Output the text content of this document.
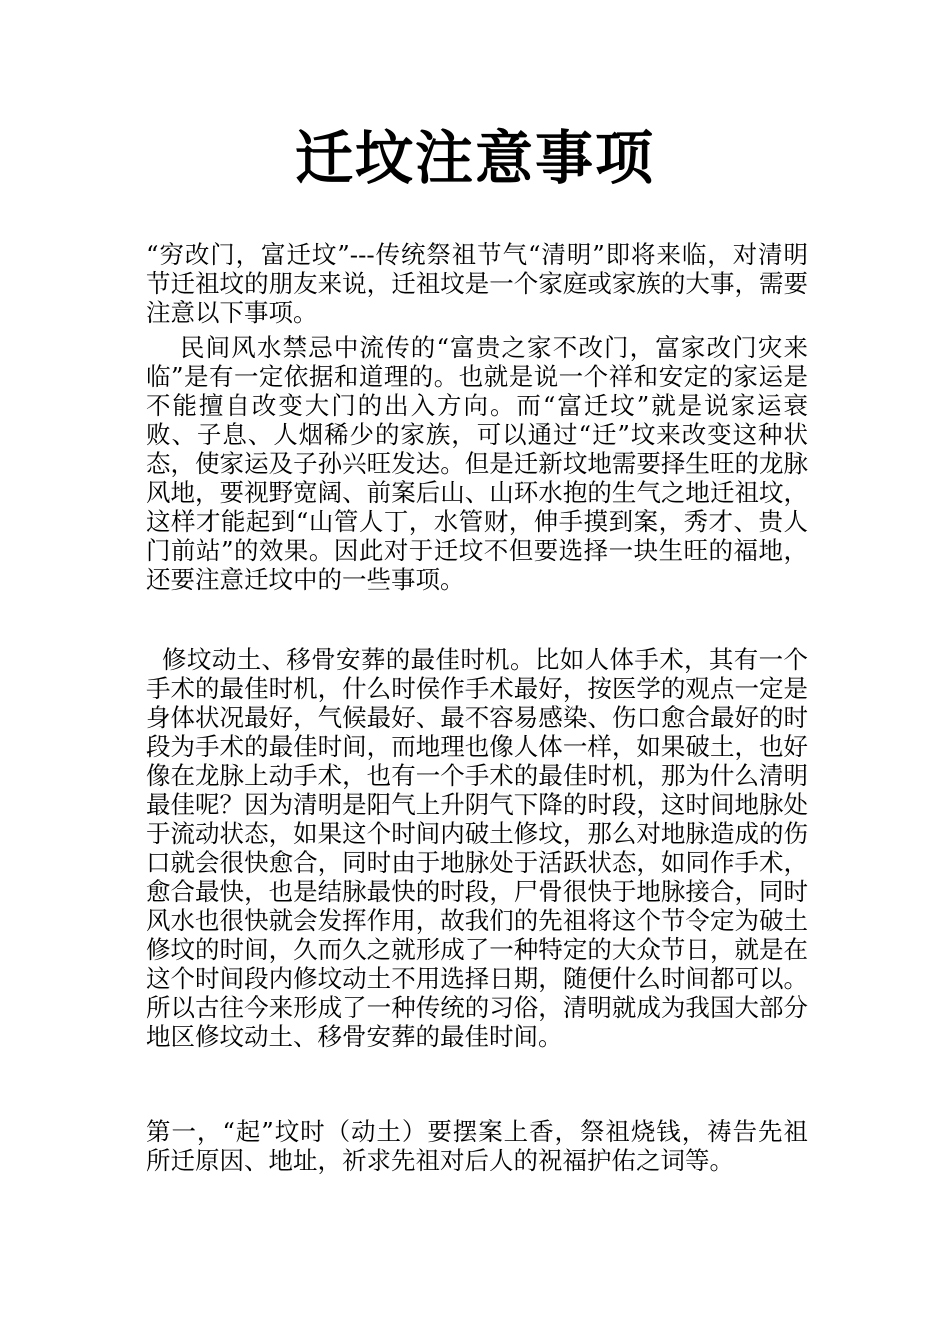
迁坟注意事项

“穷改门，富迁坟”---传统祭祖节气“清明”即将来临，对清明节迁祖坟的朋友来说，迁祖坟是一个家庭或家族的大事，需要注意以下事项。

民间风水禁忌中流传的“富贵之家不改门，富家改门灾来临”是有一定依据和道理的。也就是说一个祥和安定的家运是不能擅自改变大门的出入方向。而“富迁坟”就是说家运衰败、子息、人烟稀少的家族，可以通过“迁”坟来改变这种状态，使家运及子孙兴旺发达。但是迁新坟地需要择生旺的龙脉风地，要视野宽阔、前案后山、山环水抱的生气之地迁祖坟，这样才能起到“山管人丁，水管财，伸手摸到案，秀才、贵人门前站”的效果。因此对于迁坟不但要选择一块生旺的福地，还要注意迁坟中的一些事项。

修坟动土、移骨安葬的最佳时机。比如人体手术，其有一个手术的最佳时机，什么时侯作手术最好，按医学的观点一定是身体状况最好，气候最好、最不容易感染、伤口愈合最好的时段为手术的最佳时间，而地理也像人体一样，如果破土，也好像在龙脉上动手术，也有一个手术的最佳时机，那为什么清明最佳呢？因为清明是阳气上升阴气下降的时段，这时间地脉处于流动状态，如果这个时间内破土修坟，那么对地脉造成的伤口就会很快愈合，同时由于地脉处于活跃状态，如同作手术，愈合最快，也是结脉最快的时段，尸骨很快于地脉接合，同时风水也很快就会发挥作用，故我们的先祖将这个节令定为破土修坟的时间，久而久之就形成了一种特定的大众节日，就是在这个时间段内修坟动土不用选择日期，随便什么时间都可以。所以古往今来形成了一种传统的习俗，清明就成为我国大部分地区修坟动土、移骨安葬的最佳时间。

第一，“起”坟时（动土）要摆案上香，祭祖烧钱，祷告先祖所迁原因、地址，祈求先祖对后人的祝福护佑之词等。
